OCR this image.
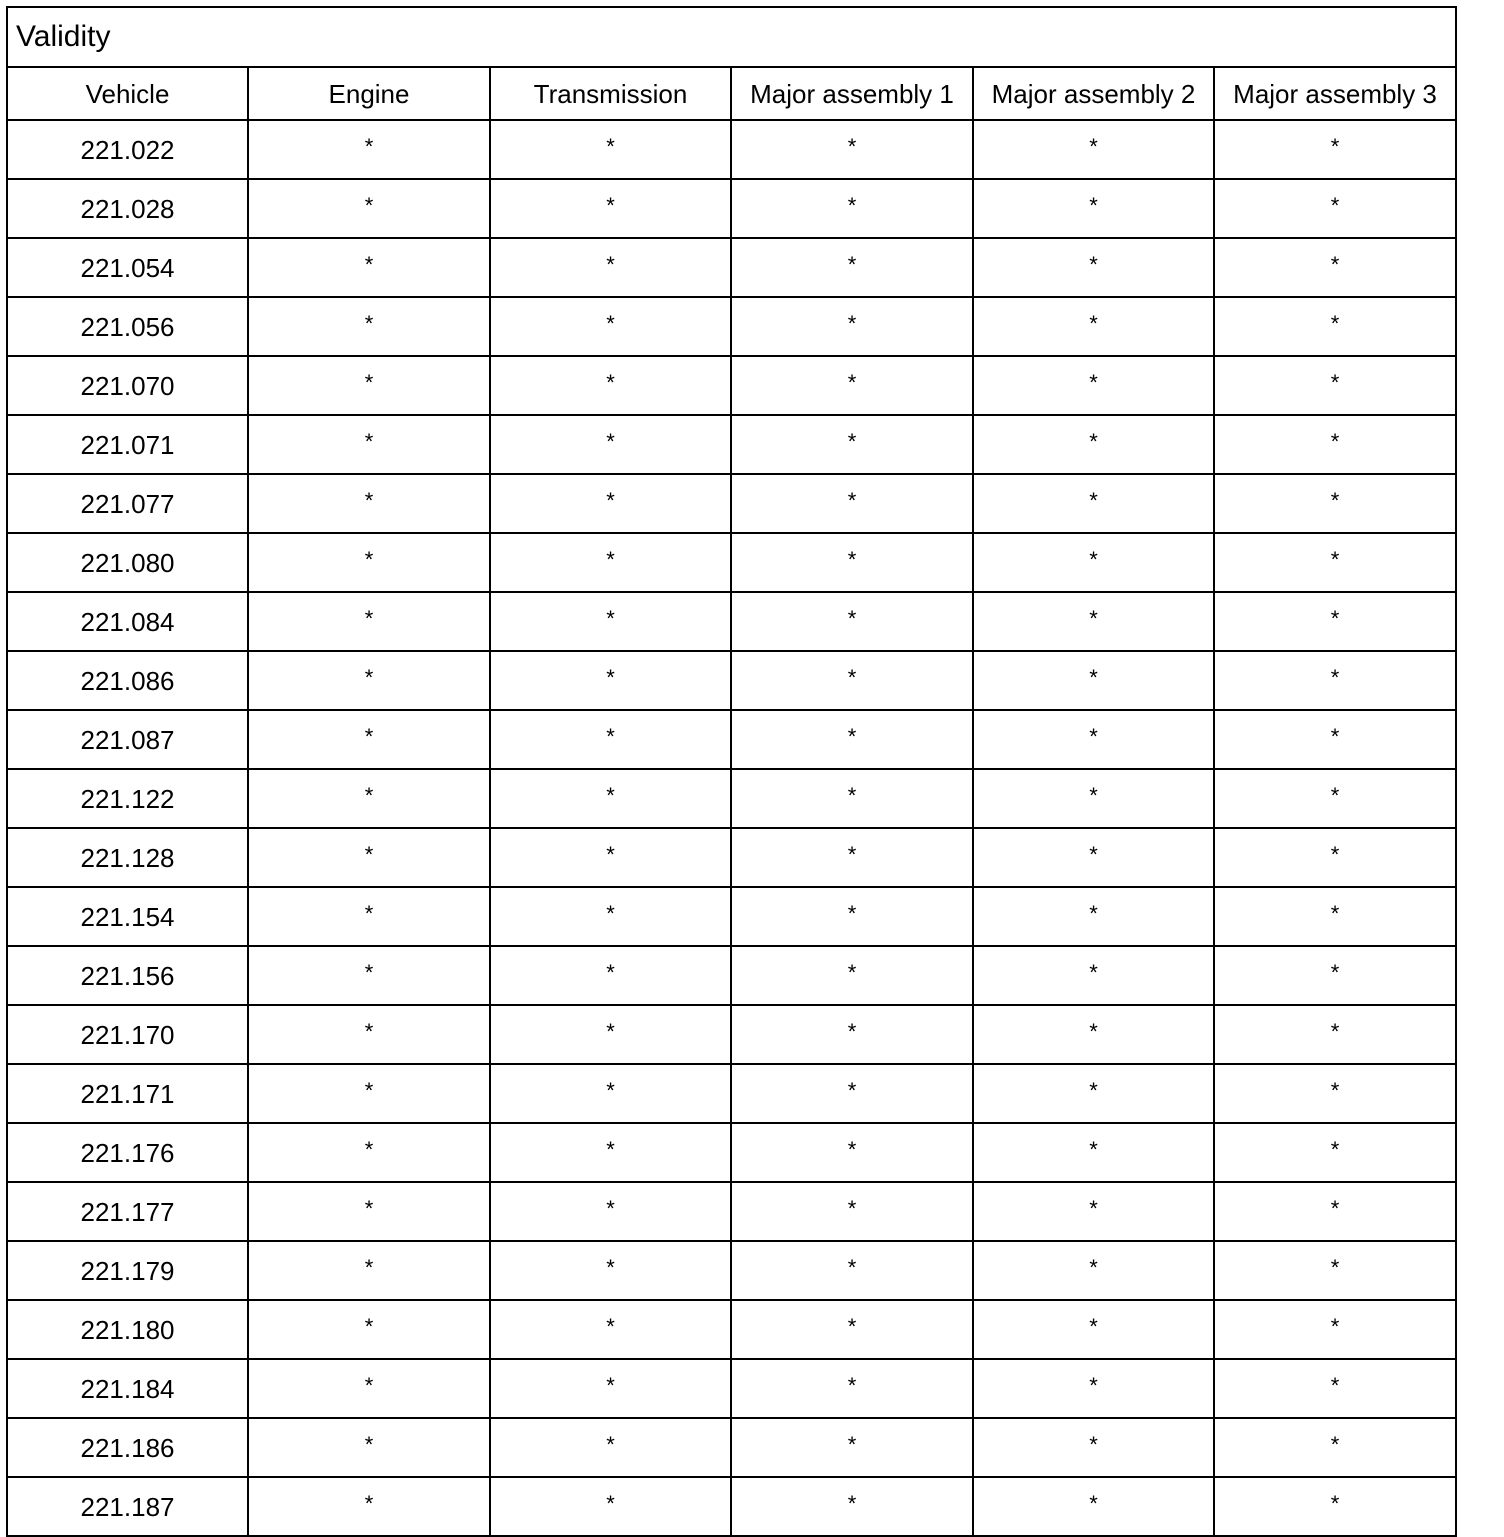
Validity					
Vehicle	Engine	Transmission	Major assembly 1	Major assembly 2	Major assembly 3
221.022	*	*	*	*	*
221.028	*	*	*	*	*
221.054	*	*	*	*	*
221.056	*	*	*	*	*
221.070	*	*	*	*	*
221.071	*	*	*	*	*
221.077	*	*	*	*	*
221.080	*	*	*	*	*
221.084	*	*	*	*	*
221.086	*	*	*	*	*
221.087	*	*	*	*	*
221.122	*	*	*	*	*
221.128	*	*	*	*	*
221.154	*	*	*	*	*
221.156	*	*	*	*	*
221.170	*	*	*	*	*
221.171	*	*	*	*	*
221.176	*	*	*	*	*
221.177	*	*	*	*	*
221.179	*	*	*	*	*
221.180	*	*	*	*	*
221.184	*	*	*	*	*
221.186	*	*	*	*	*
221.187	*	*	*	*	*
